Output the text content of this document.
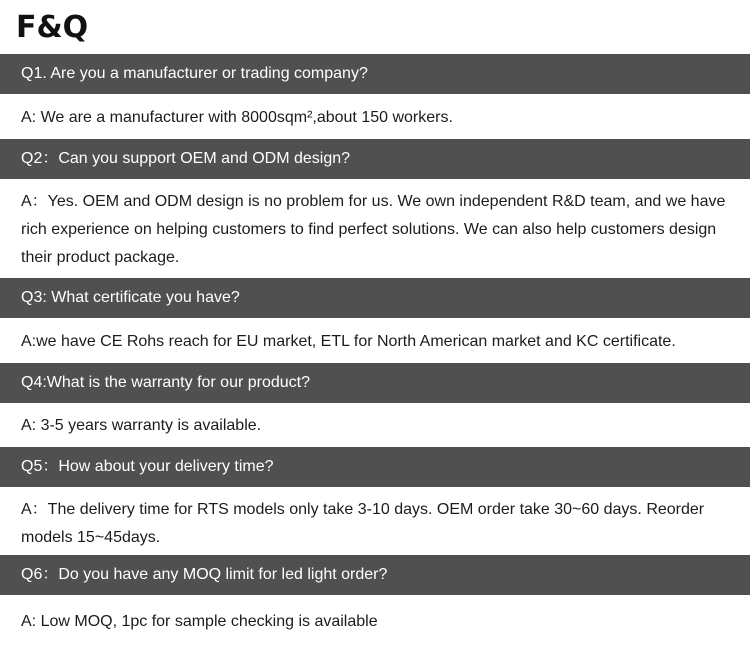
F&Q
Q1. Are you a manufacturer or trading company?

A: We are a manufacturer with 8000sqm²,about 150 workers.

Q2：Can you support OEM and ODM design?

A：Yes. OEM and ODM design is no problem for us. We own independent R&D team, and we have rich experience on helping customers to find perfect solutions. We can also help customers design their product package.

Q3: What certificate you have?

A:we have CE Rohs reach for EU market, ETL for North American market and KC certificate.

Q4:What is the warranty for our product?

A: 3-5 years warranty is available.

Q5：How about your delivery time?

A：The delivery time for RTS models only take 3-10 days. OEM order take 30~60 days. Reorder models 15~45days.

Q6：Do you have any MOQ limit for led light order?

A: Low MOQ, 1pc for sample checking is available
